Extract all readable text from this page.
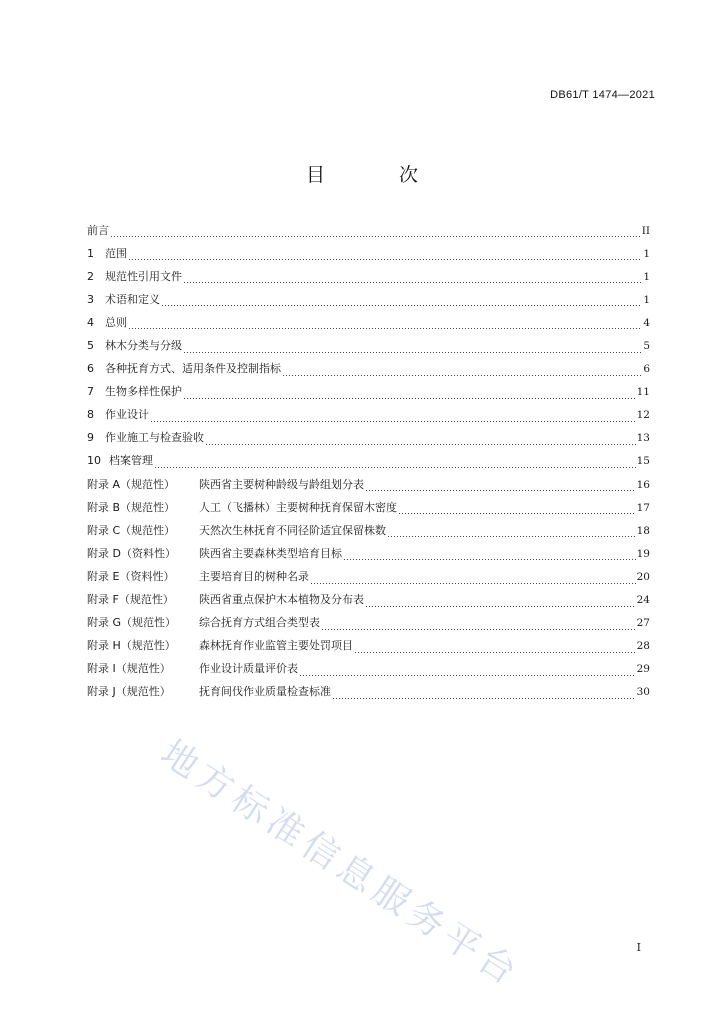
DB61/T 1474—2021
目 次
前言	II
1	范围	1
2	规范性引用文件	1
3	术语和定义	1
4	总则	4
5	林木分类与分级	5
6	各种抚育方式、适用条件及控制指标	6
7	生物多样性保护	11
8	作业设计	12
9	作业施工与检查验收	13
10 档案管理	15
附录 A（规范性）	陕西省主要树种龄级与龄组划分表	16
附录 B（规范性）	人工（飞播林）主要树种抚育保留木密度	17
附录 C（规范性）	天然次生林抚育不同径阶适宜保留株数	18
附录 D（资料性）	陕西省主要森林类型培育目标	19
附录 E（资料性）	主要培育目的树种名录	20
附录 F（规范性）	陕西省重点保护木本植物及分布表	24
附录 G（规范性）	综合抚育方式组合类型表	27
附录 H（规范性）	森林抚育作业监管主要处罚项目	28
附录 I（规范性）	作业设计质量评价表	29
附录 J（规范性）	抚育间伐作业质量检查标准	30
地方标准信息服务平台	I
